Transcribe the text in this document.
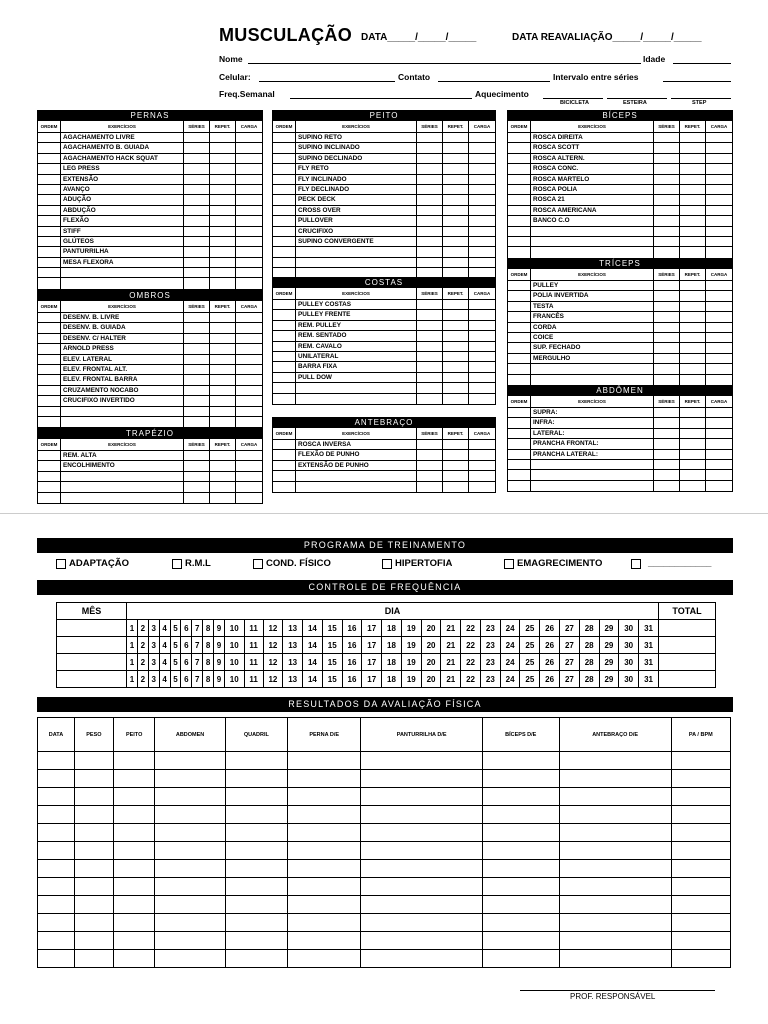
MUSCULAÇÃO DATA_____/_____/_____	DATA REAVALIAÇÃO_____/_____/_____
Nome	Idade
Celular:	Contato	Intervalo entre séries
Freq.Semanal	Aquecimento
BICICLETA	ESTEIRA	STEP
PERNAS
ORDEM	EXERCÍCIOS	SÉRIES	REPET.	CARGA
AGACHAMENTO LIVRE
AGACHAMENTO B. GUIADA
AGACHAMENTO HACK SQUAT
LEG PRESS
EXTENSÃO
AVANÇO
ADUÇÃO
ABDUÇÃO
FLEXÃO
STIFF
GLÚTEOS
PANTURRILHA
MESA FLEXORA
OMBROS
ORDEM	EXERCÍCIOS	SÉRIES	REPET.	CARGA
DESENV. B. LIVRE
DESENV. B. GUIADA
DESENV. C/ HALTER
ARNOLD PRESS
ELEV. LATERAL
ELEV. FRONTAL ALT.
ELEV. FRONTAL BARRA
CRUZAMENTO NOCABO
CRUCIFIXO INVERTIDO
TRAPÉZIO
ORDEM	EXERCÍCIOS	SÉRIES	REPET.	CARGA
REM. ALTA
ENCOLHIMENTO
PEITO
ORDEM	EXERCÍCIOS	SÉRIES	REPET.	CARGA
SUPINO RETO
SUPINO INCLINADO
SUPINO DECLINADO
FLY RETO
FLY INCLINADO
FLY DECLINADO
PECK DECK
CROSS OVER
PULLOVER
CRUCIFIXO
SUPINO CONVERGENTE
COSTAS
ORDEM	EXERCÍCIOS	SÉRIES	REPET.	CARGA
PULLEY COSTAS
PULLEY FRENTE
REM. PULLEY
REM. SENTADO
REM. CAVALO
UNILATERAL
BARRA FIXA
PULL DOW
ANTEBRAÇO
ORDEM	EXERCÍCIOS	SÉRIES	REPET.	CARGA
ROSCA INVERSA
FLEXÃO DE PUNHO
EXTENSÃO DE PUNHO
BÍCEPS
ORDEM	EXERCÍCIOS	SÉRIES	REPET.	CARGA
ROSCA DIREITA
ROSCA SCOTT
ROSCA ALTERN.
ROSCA CONC.
ROSCA MARTELO
ROSCA POLIA
ROSCA 21
ROSCA AMERICANA
BANCO C.O
TRÍCEPS
ORDEM	EXERCÍCIOS	SÉRIES	REPET.	CARGA
PULLEY
POLIA INVERTIDA
TESTA
FRANCÊS
CORDA
COICE
SUP. FECHADO
MERGULHO
ABDÔMEN
ORDEM	EXERCÍCIOS	SÉRIES	REPET.	CARGA
SUPRA:
INFRA:
LATERAL:
PRANCHA FRONTAL:
PRANCHA LATERAL:
PROGRAMA DE TREINAMENTO
ADAPTAÇÃO	R.M.L	COND. FÍSICO	HIPERTOFIA	EMAGRECIMENTO	____________
CONTROLE DE FREQUÊNCIA
MÊS	DIA																															TOTAL
	1	2	3	4	5	6	7	8	9	10	11	12	13	14	15	16	17	18	19	20	21	22	23	24	25	26	27	28	29	30	31	
	1	2	3	4	5	6	7	8	9	10	11	12	13	14	15	16	17	18	19	20	21	22	23	24	25	26	27	28	29	30	31	
	1	2	3	4	5	6	7	8	9	10	11	12	13	14	15	16	17	18	19	20	21	22	23	24	25	26	27	28	29	30	31	
	1	2	3	4	5	6	7	8	9	10	11	12	13	14	15	16	17	18	19	20	21	22	23	24	25	26	27	28	29	30	31	
RESULTADOS DA AVALIAÇÃO FÍSICA
DATA	PESO	PEITO	ABDOMEN	QUADRIL	PERNA D/E	PANTURRILHA D/E	BÍCEPS D/E	ANTEBRAÇO D/E	PA / BPM

PROF. RESPONSÁVEL
